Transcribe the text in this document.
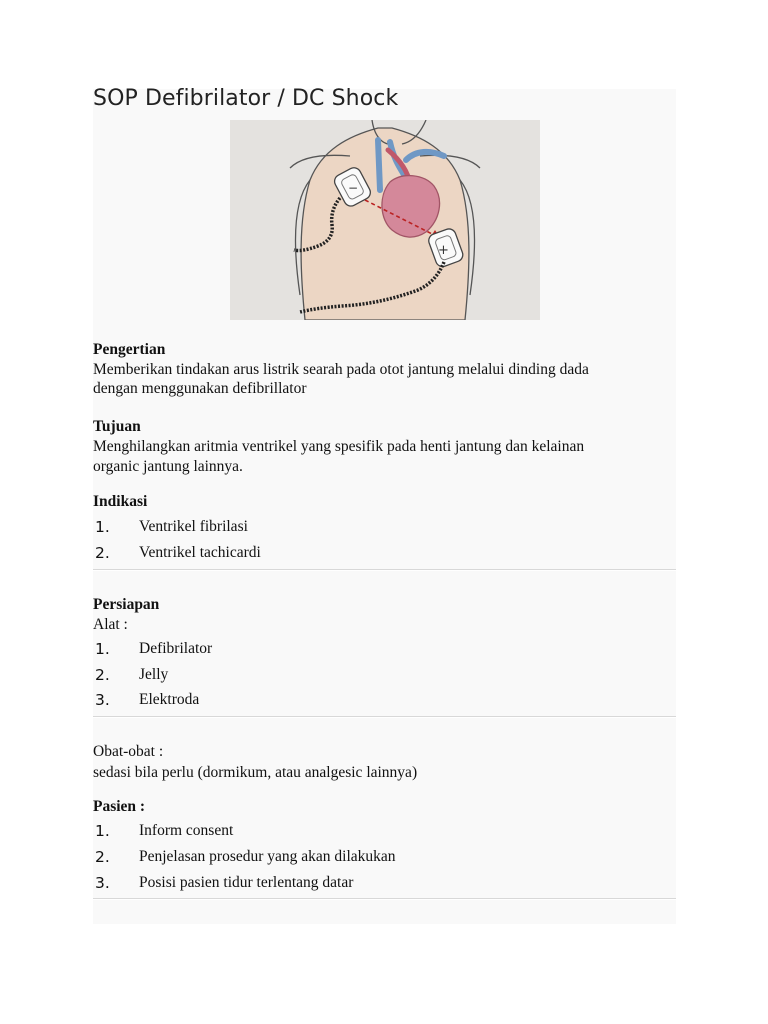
SOP Defibrilator / DC Shock
−
+

Pengertian

Memberikan tindakan arus listrik searah pada otot jantung melalui dinding dada

dengan menggunakan defibrillator

Tujuan

Menghilangkan aritmia ventrikel yang spesifik pada henti jantung dan kelainan

organic jantung lainnya.

Indikasi

1. Ventrikel fibrilasi
2. Ventrikel tachicardi

Persiapan

Alat :

1. Defibrilator
2. Jelly
3. Elektroda

Obat-obat :

sedasi bila perlu (dormikum, atau analgesic lainnya)

Pasien :

1. Inform consent
2. Penjelasan prosedur yang akan dilakukan
3. Posisi pasien tidur terlentang datar
